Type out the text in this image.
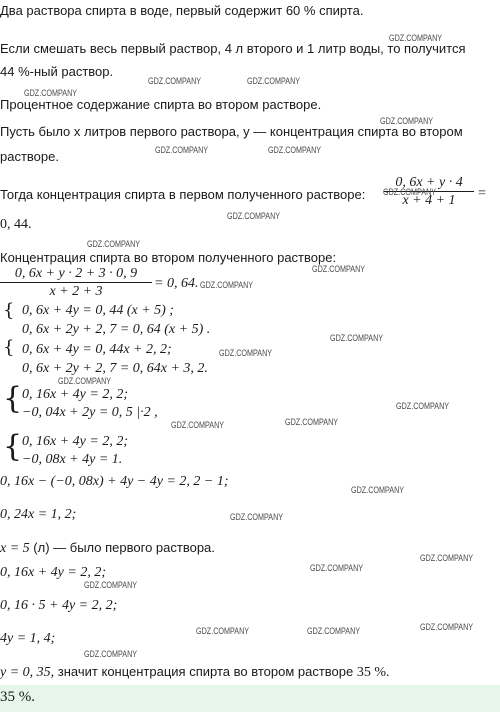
Два раствора спирта в воде, первый содержит 60 % спирта.
Если смешать весь первый раствор, 4 л второго и 1 литр воды, то получится
44 %-ный раствор.
Процентное содержание спирта во втором растворе.
Пусть было x литров первого раствора, y — концентрация спирта во втором
растворе.
Тогда концентрация спирта в первом полученного растворе:
0, 6x + y · 4
x + 4 + 1	=
0, 44.
Концентрация спирта во втором полученного растворе:
0, 6x + y · 2 + 3 · 0, 9
x + 2 + 3
= 0, 64.
{
{
0, 6x + 4y = 0, 44 (x + 5) ;
0, 6x + 2y + 2, 7 = 0, 64 (x + 5) .
0, 6x + 4y = 0, 44x + 2, 2;
0, 6x + 2y + 2, 7 = 0, 64x + 3, 2.
{ 0, 16x + 4y = 2, 2;
−0, 04x + 2y = 0, 5 |·2 ,
{ 0, 16x + 4y = 2, 2;
−0, 08x + 4y = 1.
0, 16x − (−0, 08x) + 4y − 4y = 2, 2 − 1;
0, 24x = 1, 2;
x = 5 (л) — было первого раствора.
0, 16x + 4y = 2, 2;
0, 16 · 5 + 4y = 2, 2;
4y = 1, 4;
y = 0, 35, значит концентрация спирта во втором растворе 35 %.
35 %.
GDZ.COMPANY
GDZ.COMPANY	GDZ.COMPANY
GDZ.COMPANY
GDZ.COMPANY
GDZ.COMPANY	GDZ.COMPANY
GDZ.COMPANY
GDZ.COMPANY
GDZ.COMPANY
GDZ.COMPANY
GDZ.COMPANY
GDZ.COMPANY
GDZ.COMPANY
GDZ.COMPANY
GDZ.COMPANY
GDZ.COMPANY	GDZ.COMPANY
GDZ.COMPANY
GDZ.COMPANY
GDZ.COMPANY
GDZ.COMPANY
GDZ.COMPANY
GDZ.COMPANY	GDZ.COMPANY	GDZ.COMPANY
GDZ.COMPANY
